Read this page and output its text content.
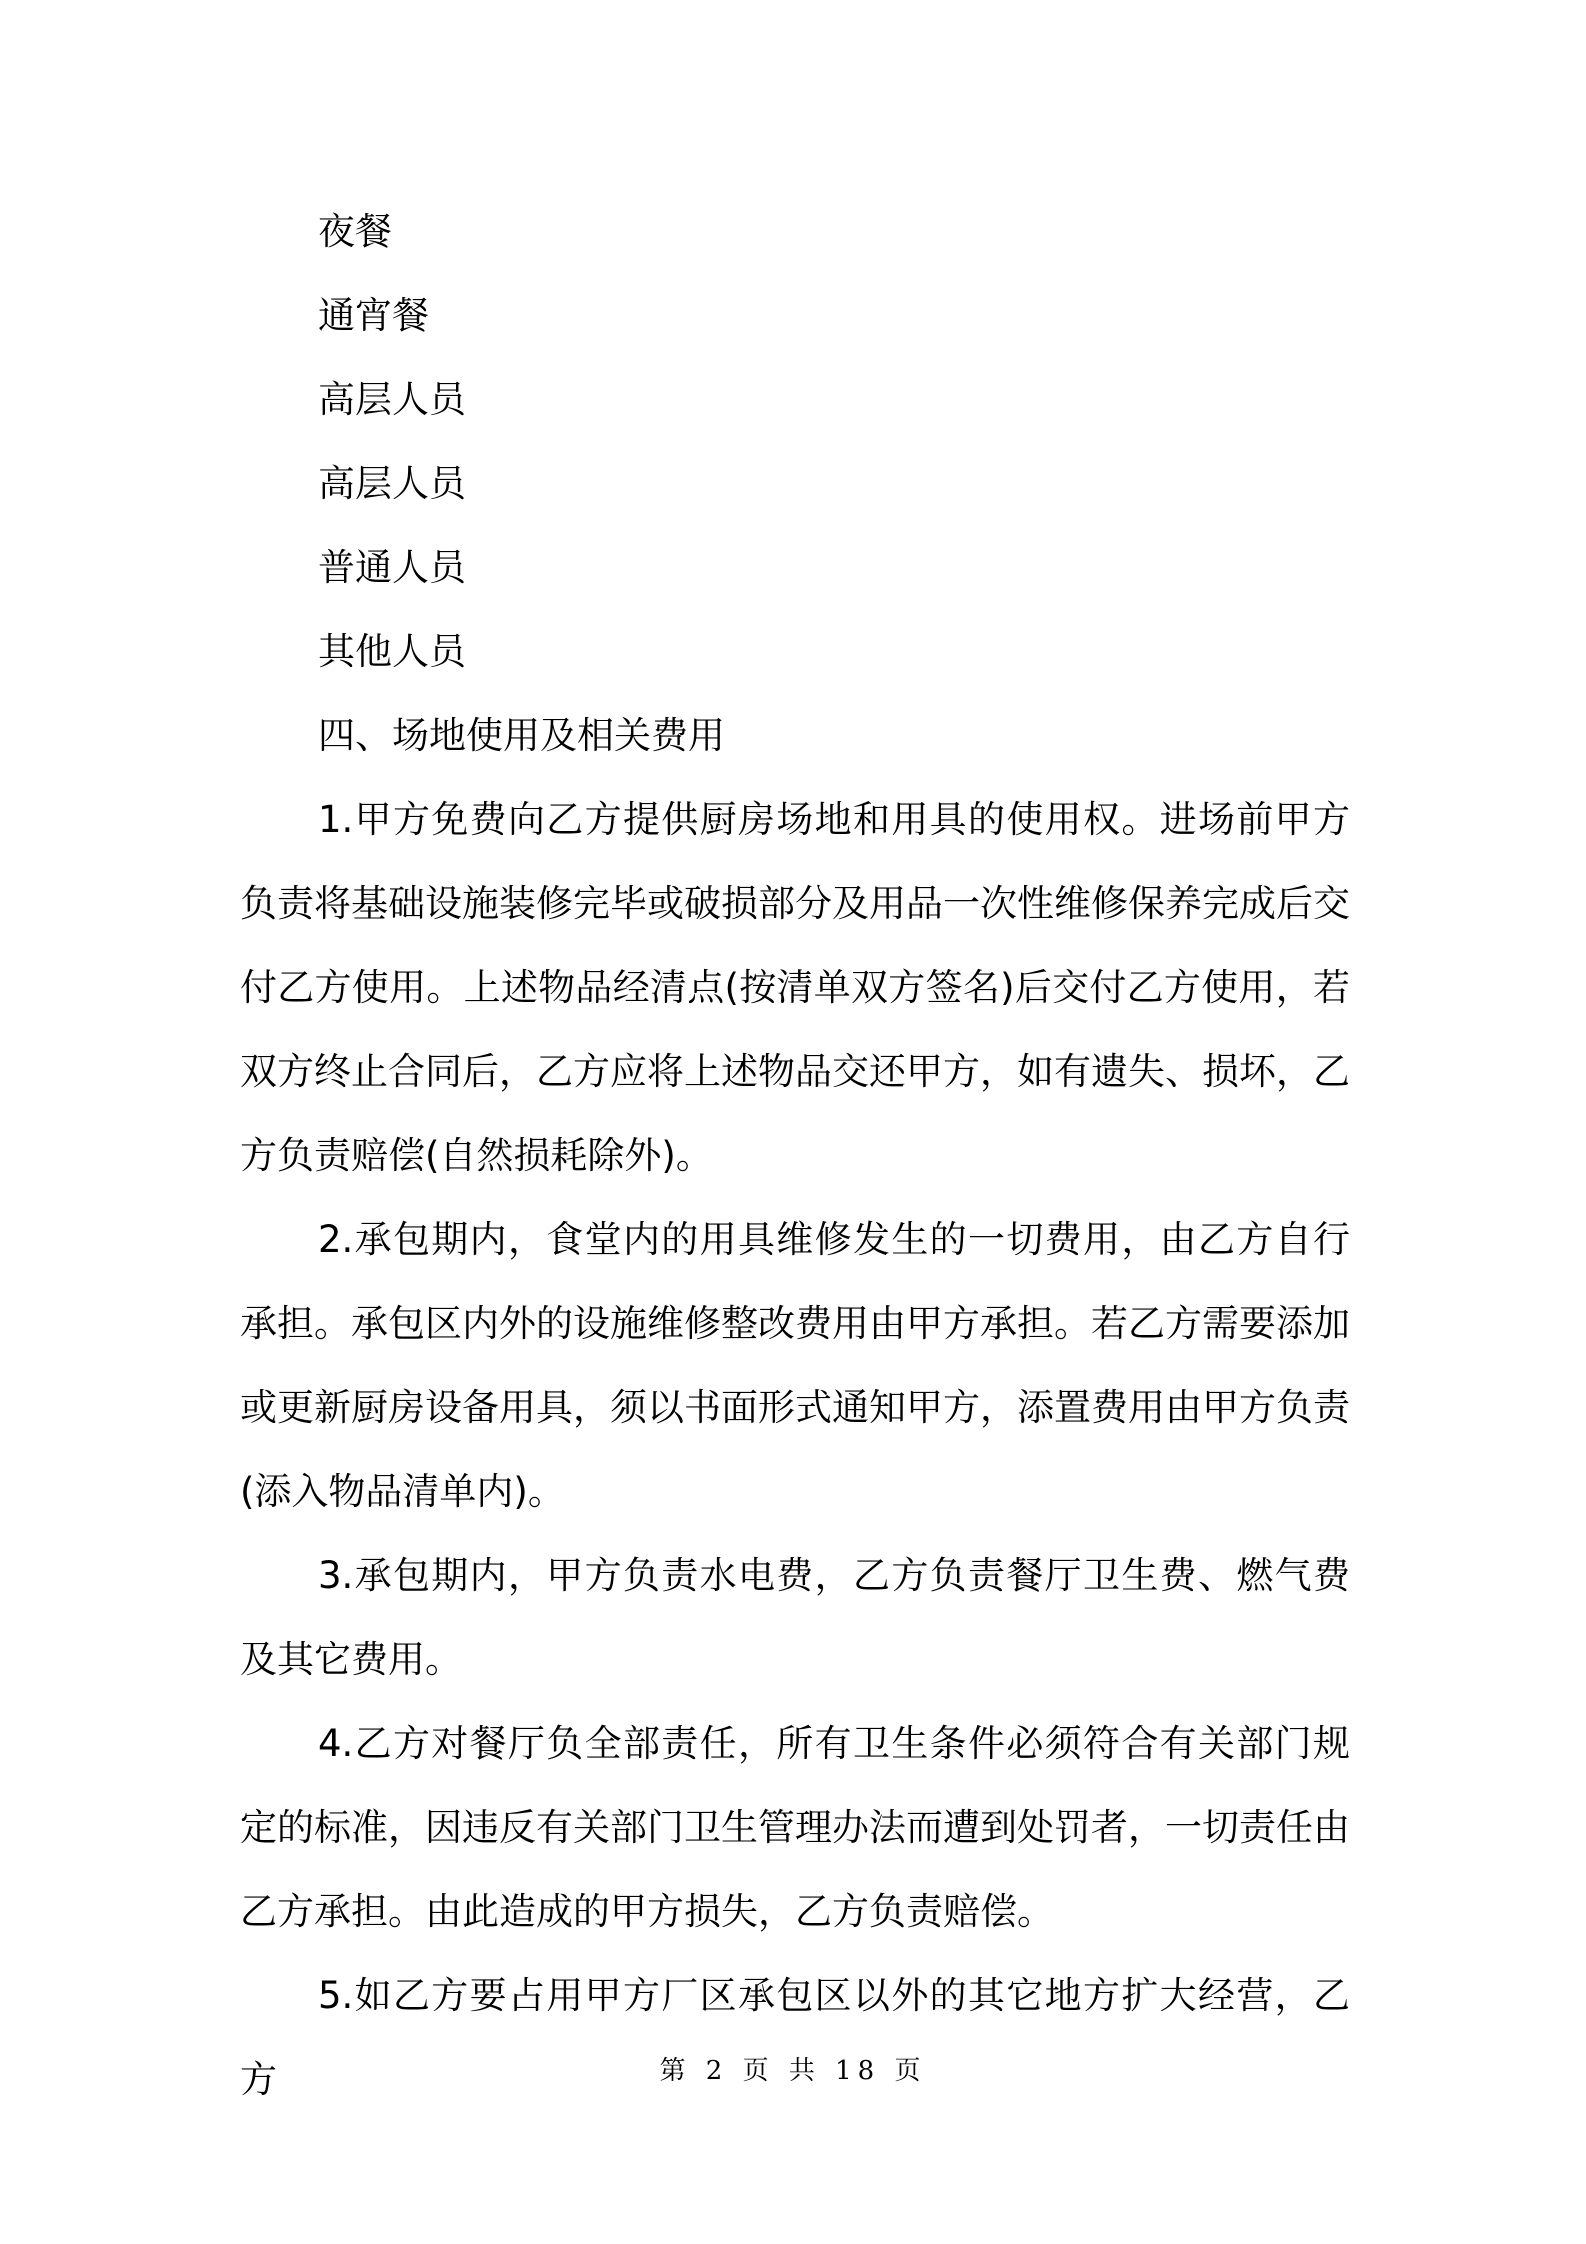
夜餐
通宵餐
高层人员
高层人员
普通人员
其他人员
四、场地使用及相关费用

1.甲方免费向乙方提供厨房场地和用具的使用权。进场前甲方负责将基础设施装修完毕或破损部分及用品一次性维修保养完成后交付乙方使用。上述物品经清点(按清单双方签名)后交付乙方使用，若双方终止合同后，乙方应将上述物品交还甲方，如有遗失、损坏，乙方负责赔偿(自然损耗除外)。

2.承包期内，食堂内的用具维修发生的一切费用，由乙方自行承担。承包区内外的设施维修整改费用由甲方承担。若乙方需要添加或更新厨房设备用具，须以书面形式通知甲方，添置费用由甲方负责(添入物品清单内)。

3.承包期内，甲方负责水电费，乙方负责餐厅卫生费、燃气费及其它费用。

4.乙方对餐厅负全部责任，所有卫生条件必须符合有关部门规定的标准，因违反有关部门卫生管理办法而遭到处罚者，一切责任由乙方承担。由此造成的甲方损失，乙方负责赔偿。

5.如乙方要占用甲方厂区承包区以外的其它地方扩大经营，乙方	第 2 页 共 18 页
